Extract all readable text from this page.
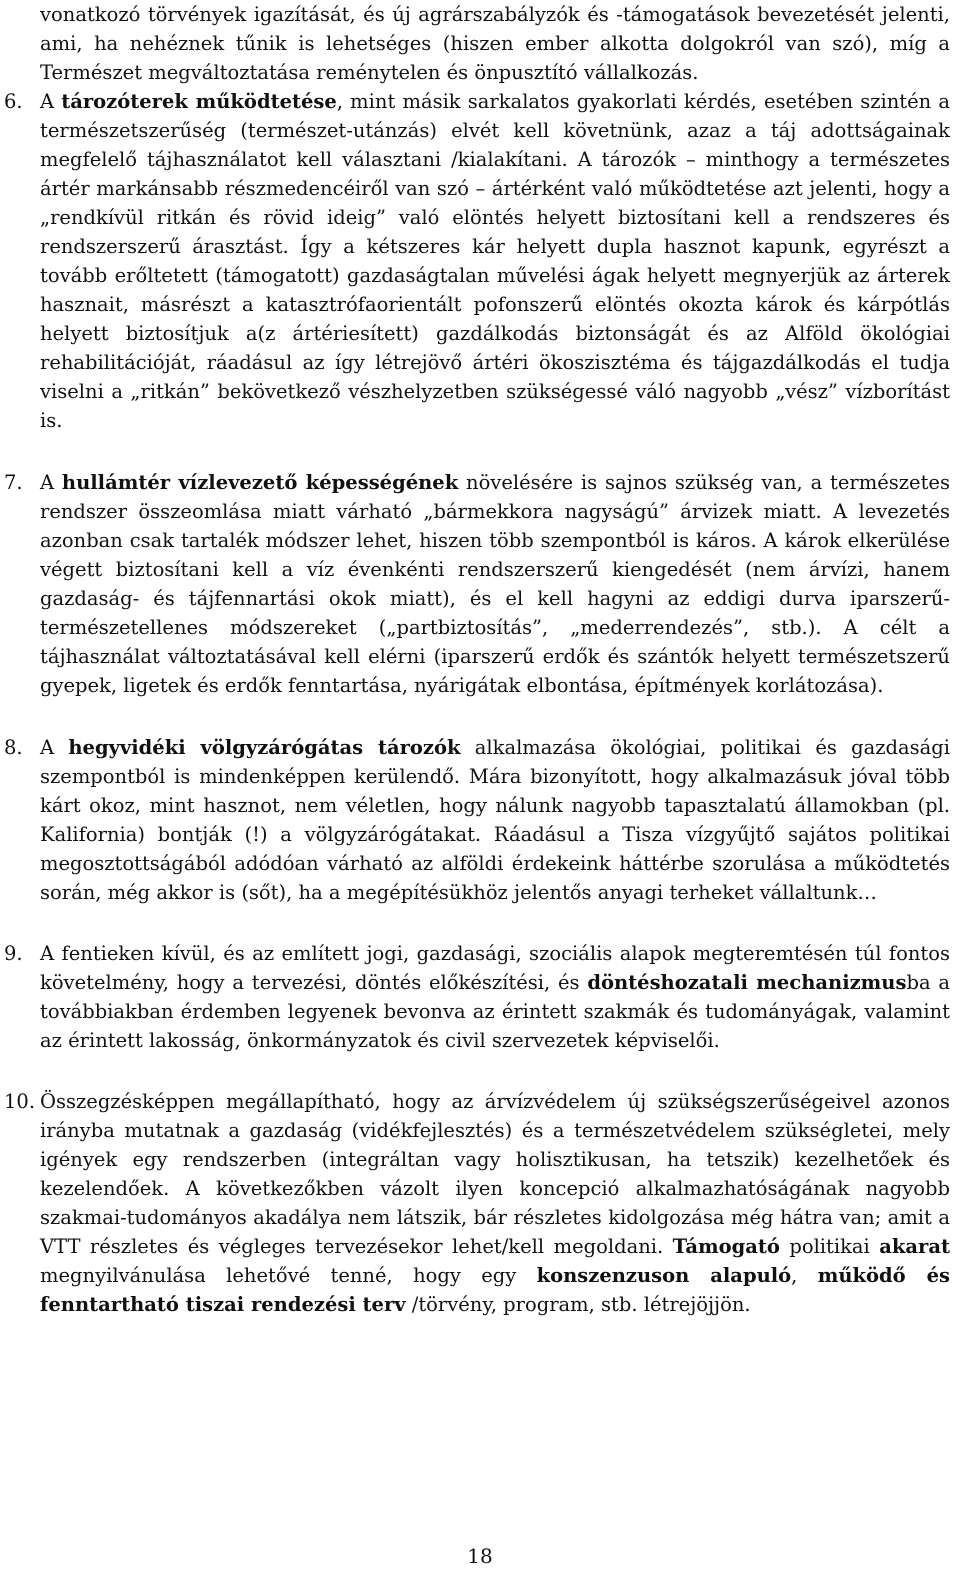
vonatkozó törvények igazítását, és új agrárszabályzók és -támogatások bevezetését jelenti, ami, ha nehéznek tűnik is lehetséges (hiszen ember alkotta dolgokról van szó), míg a Természet megváltoztatása reménytelen és önpusztító vállalkozás.
6. A tározóterek működtetése, mint másik sarkalatos gyakorlati kérdés, esetében szintén a természetszerűség (természet-utánzás) elvét kell követnünk, azaz a táj adottságainak megfelelő tájhasználatot kell választani /kialakítani. A tározók – minthogy a természetes ártér markánsabb részmedencéiről van szó – ártérként való működtetése azt jelenti, hogy a „rendkívül ritkán és rövid ideig” való elöntés helyett biztosítani kell a rendszeres és rendszerszerű árasztást. Így a kétszeres kár helyett dupla hasznot kapunk, egyrészt a tovább erőltetett (támogatott) gazdaságtalan művelési ágak helyett megnyerjük az árterek hasznait, másrészt a katasztrófaorientált pofonszerű elöntés okozta károk és kárpótlás helyett biztosítjuk a(z ártériesített) gazdálkodás biztonságát és az Alföld ökológiai rehabilitációját, ráadásul az így létrejövő ártéri ökoszisztéma és tájgazdálkodás el tudja viselni a „ritkán” bekövetkező vészhelyzetben szükségessé váló nagyobb „vész” vízborítást is.
7. A hullámtér vízlevezető képességének növelésére is sajnos szükség van, a természetes rendszer összeomlása miatt várható „bármekkora nagyságú” árvizek miatt. A levezetés azonban csak tartalék módszer lehet, hiszen több szempontból is káros. A károk elkerülése végett biztosítani kell a víz évenkénti rendszerszerű kiengedését (nem árvízi, hanem gazdaság- és tájfennartási okok miatt), és el kell hagyni az eddigi durva iparszerű-természetellenes módszereket („partbiztosítás”, „mederrendezés”, stb.). A célt a tájhasználat változtatásával kell elérni (iparszerű erdők és szántók helyett természetszerű gyepek, ligetek és erdők fenntartása, nyárigátak elbontása, építmények korlátozása).
8. A hegyvidéki völgyzárógátas tározók alkalmazása ökológiai, politikai és gazdasági szempontból is mindenképpen kerülendő. Mára bizonyított, hogy alkalmazásuk jóval több kárt okoz, mint hasznot, nem véletlen, hogy nálunk nagyobb tapasztalatú államokban (pl. Kalifornia) bontják (!) a völgyzárógátakat. Ráadásul a Tisza vízgyűjtő sajátos politikai megosztottságából adódóan várható az alföldi érdekeink háttérbe szorulása a működtetés során, még akkor is (sőt), ha a megépítésükhöz jelentős anyagi terheket vállaltunk…
9. A fentieken kívül, és az említett jogi, gazdasági, szociális alapok megteremtésén túl fontos követelmény, hogy a tervezési, döntés előkészítési, és döntéshozatali mechanizmusba a továbbiakban érdemben legyenek bevonva az érintett szakmák és tudományágak, valamint az érintett lakosság, önkormányzatok és civil szervezetek képviselői.
10. Összegzésképpen megállapítható, hogy az árvízvédelem új szükségszerűségeivel azonos irányba mutatnak a gazdaság (vidékfejlesztés) és a természetvédelem szükségletei, mely igények egy rendszerben (integráltan vagy holisztikusan, ha tetszik) kezelhetőek és kezelendőek. A következőkben vázolt ilyen koncepció alkalmazhatóságának nagyobb szakmai-tudományos akadálya nem látszik, bár részletes kidolgozása még hátra van; amit a VTT részletes és végleges tervezésekor lehet/kell megoldani. Támogató politikai akarat megnyilvánulása lehetővé tenné, hogy egy konszenzuson alapuló, működő és fenntartható tiszai rendezési terv /törvény, program, stb. létrejöjjön.
18
